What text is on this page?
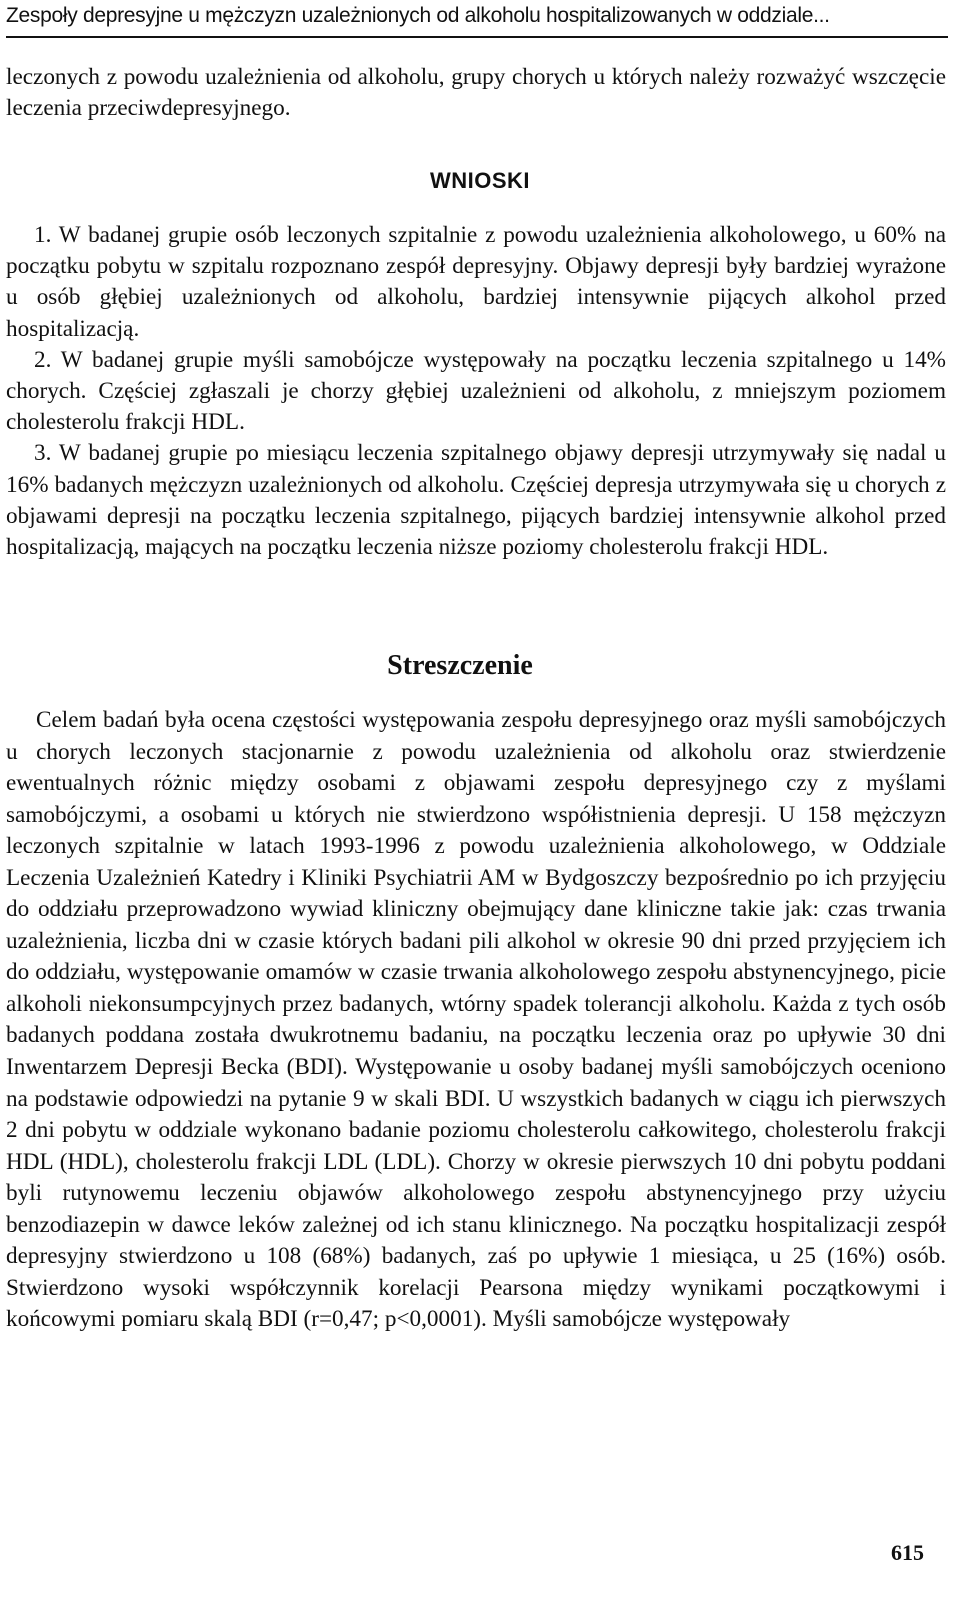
Zespoły depresyjne u mężczyzn uzależnionych od alkoholu hospitalizowanych w oddziale...

leczonych z powodu uzależnienia od alkoholu, grupy chorych u których należy rozważyć wszczęcie leczenia przeciwdepresyjnego.

WNIOSKI

1. W badanej grupie osób leczonych szpitalnie z powodu uzależnienia alkoholowego, u 60% na początku pobytu w szpitalu rozpoznano zespół depresyjny. Objawy depresji były bardziej wyrażone u osób głębiej uzależnionych od alkoholu, bardziej intensywnie pijących alkohol przed hospitalizacją.

2. W badanej grupie myśli samobójcze występowały na początku leczenia szpitalnego u 14% chorych. Częściej zgłaszali je chorzy głębiej uzależnieni od alkoholu, z mniejszym poziomem cholesterolu frakcji HDL.

3. W badanej grupie po miesiącu leczenia szpitalnego objawy depresji utrzymywały się nadal u 16% badanych mężczyzn uzależnionych od alkoholu. Częściej depresja utrzymywała się u chorych z objawami depresji na początku leczenia szpitalnego, pijących bardziej intensywnie alkohol przed hospitalizacją, mających na początku leczenia niższe poziomy cholesterolu frakcji HDL.

Streszczenie

Celem badań była ocena częstości występowania zespołu depresyjnego oraz myśli samobójczych u chorych leczonych stacjonarnie z powodu uzależnienia od alkoholu oraz stwierdzenie ewentualnych różnic między osobami z objawami zespołu depresyjnego czy z myślami samobójczymi, a osobami u których nie stwierdzono współistnienia depresji. U 158 mężczyzn leczonych szpitalnie w latach 1993-1996 z powodu uzależnienia alkoholowego, w Oddziale Leczenia Uzależnień Katedry i Kliniki Psychiatrii AM w Bydgoszczy bezpośrednio po ich przyjęciu do oddziału przeprowadzono wywiad kliniczny obejmujący dane kliniczne takie jak: czas trwania uzależnienia, liczba dni w czasie których badani pili alkohol w okresie 90 dni przed przyjęciem ich do oddziału, występowanie omamów w czasie trwania alkoholowego zespołu abstynencyjnego, picie alkoholi niekonsumpcyjnych przez badanych, wtórny spadek tolerancji alkoholu. Każda z tych osób badanych poddana została dwukrotnemu badaniu, na początku leczenia oraz po upływie 30 dni Inwentarzem Depresji Becka (BDI). Występowanie u osoby badanej myśli samobójczych oceniono na podstawie odpowiedzi na pytanie 9 w skali BDI. U wszystkich badanych w ciągu ich pierwszych 2 dni pobytu w oddziale wykonano badanie poziomu cholesterolu całkowitego, cholesterolu frakcji HDL (HDL), cholesterolu frakcji LDL (LDL). Chorzy w okresie pierwszych 10 dni pobytu poddani byli rutynowemu leczeniu objawów alkoholowego zespołu abstynencyjnego przy użyciu benzodiazepin w dawce leków zależnej od ich stanu klinicznego. Na początku hospitalizacji zespół depresyjny stwierdzono u 108 (68%) badanych, zaś po upływie 1 miesiąca, u 25 (16%) osób. Stwierdzono wysoki współczynnik korelacji Pearsona między wynikami początkowymi i końcowymi pomiaru skalą BDI (r=0,47; p<0,0001). Myśli samobójcze występowały

615
